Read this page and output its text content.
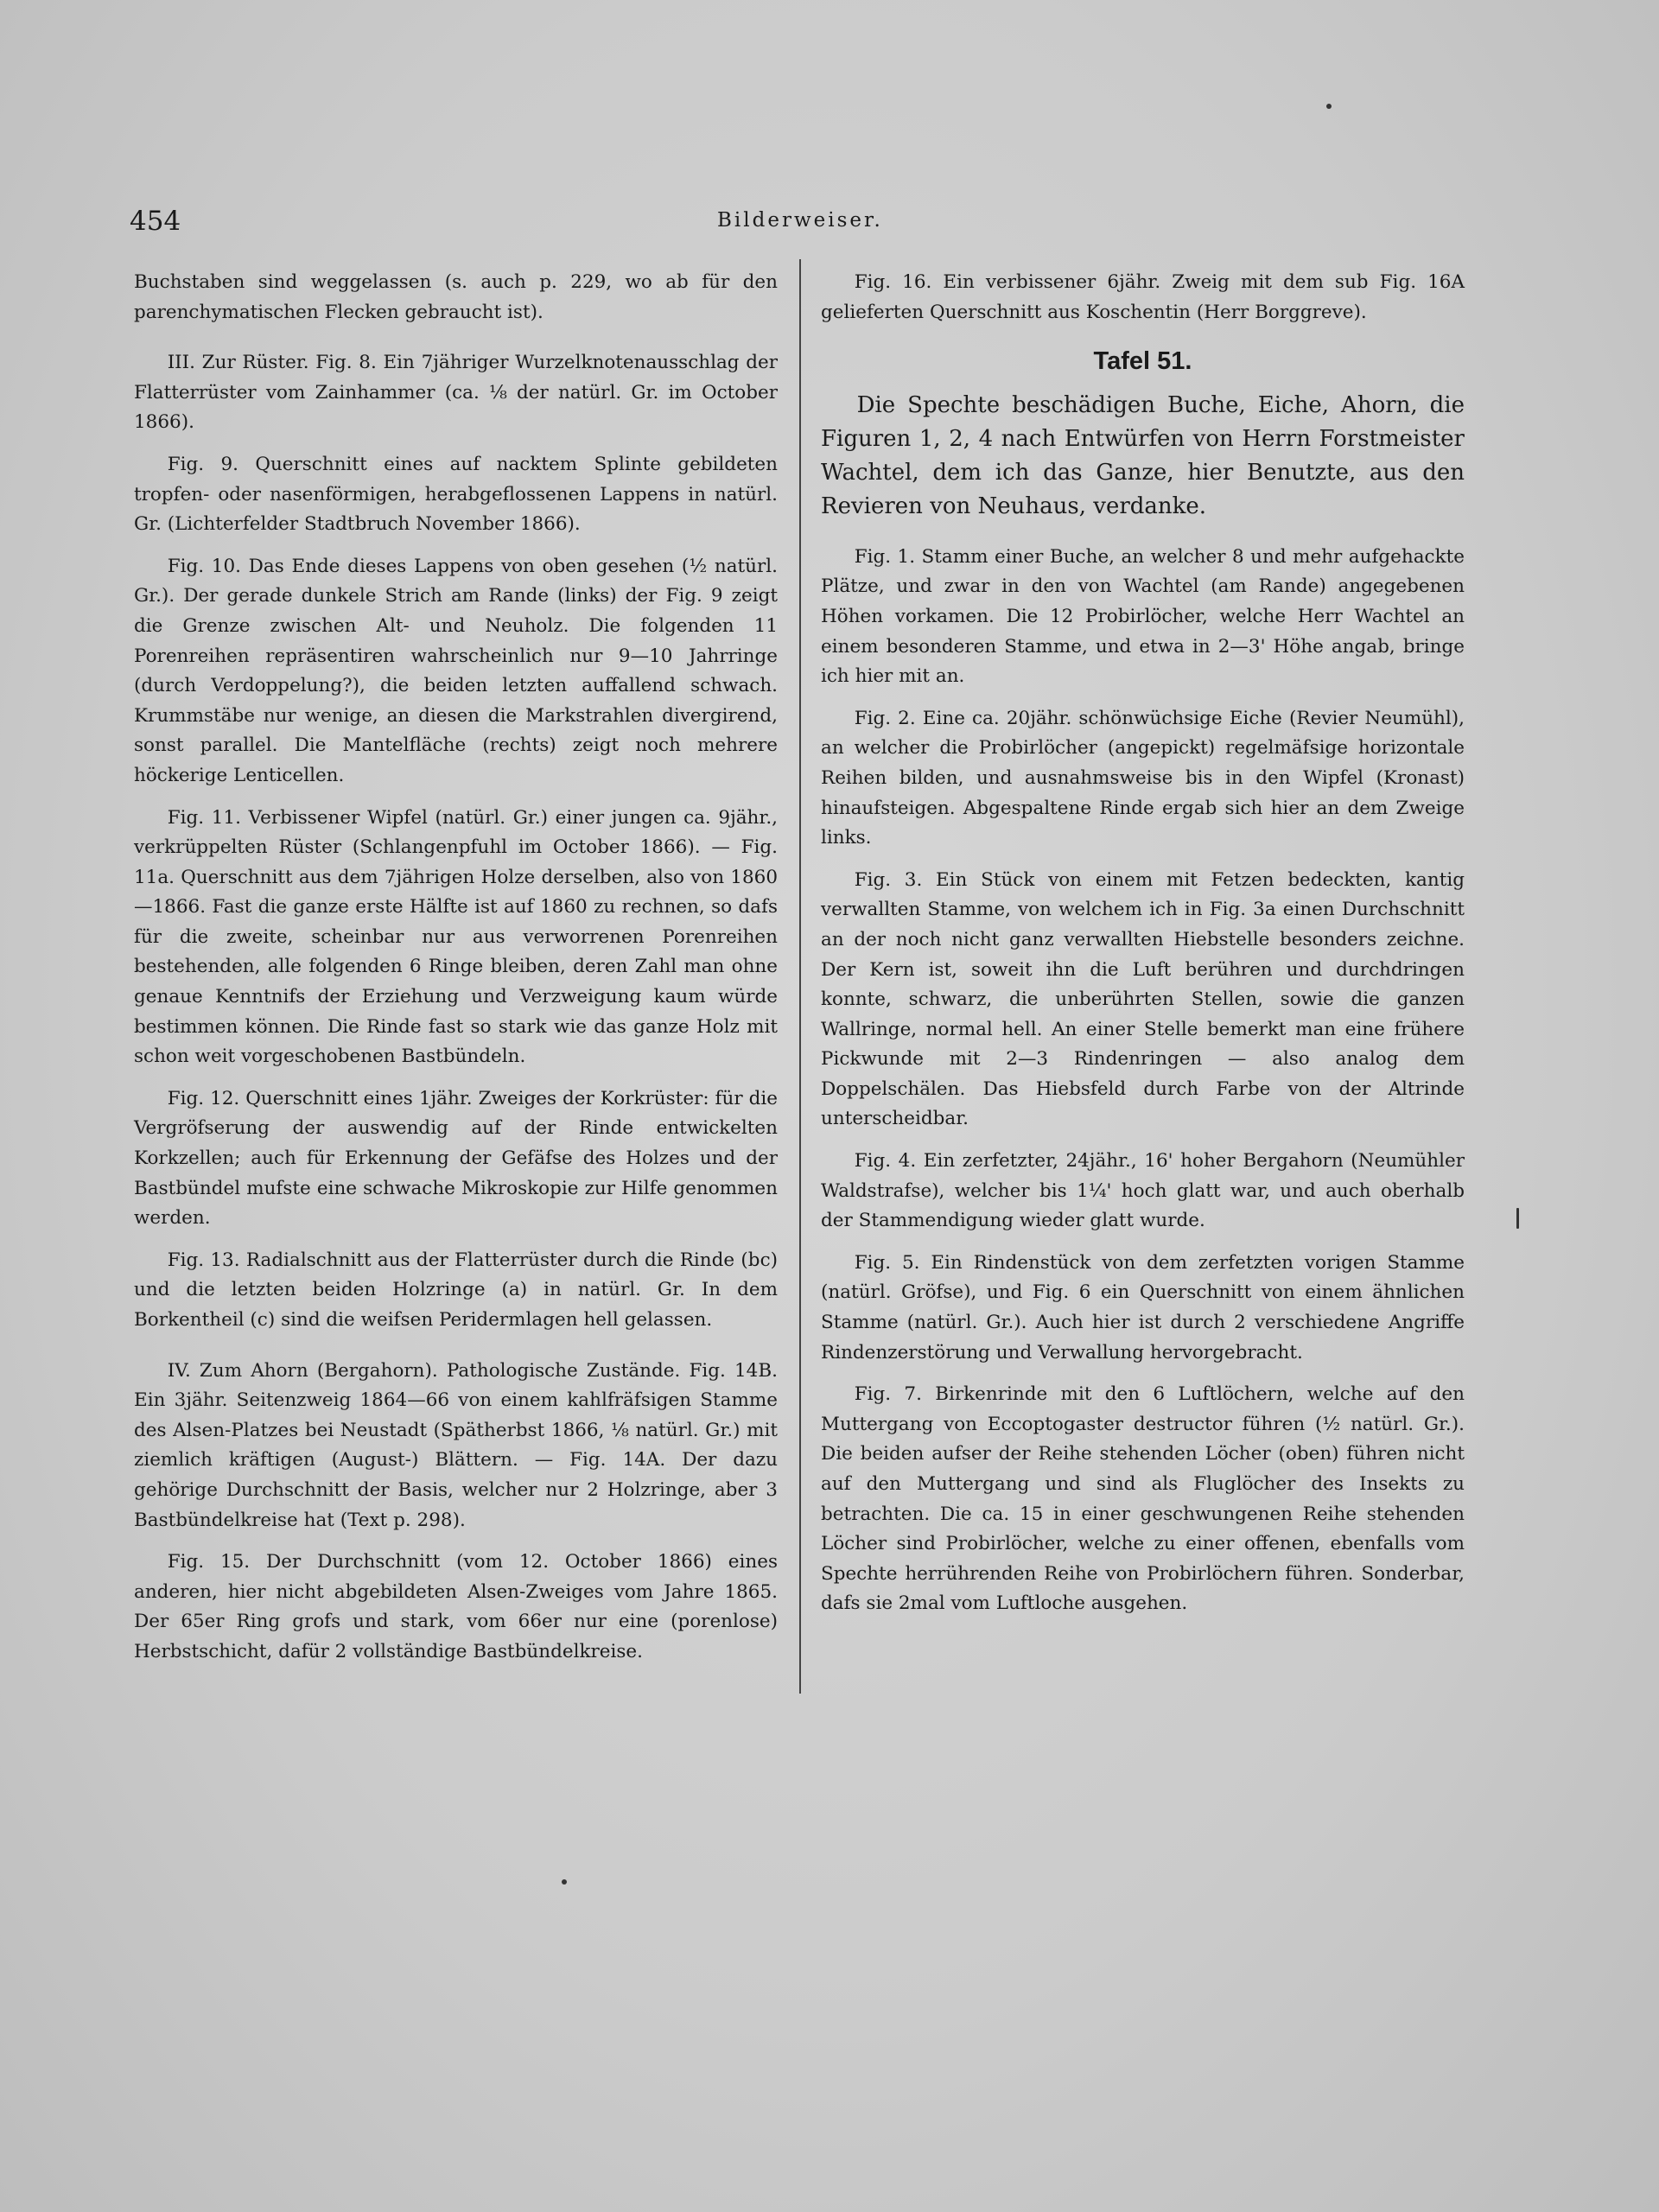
454	Bilderweiser.

Buchstaben sind weggelassen (s. auch p. 229, wo ab für den parenchymatischen Flecken gebraucht ist).

III. Zur Rüster. Fig. 8. Ein 7jähriger Wurzelknotenausschlag der Flatterrüster vom Zainhammer (ca. ⅛ der natürl. Gr. im October 1866).

Fig. 9. Querschnitt eines auf nacktem Splinte gebildeten tropfen- oder nasenförmigen, herabgeflossenen Lappens in natürl. Gr. (Lichterfelder Stadtbruch November 1866).

Fig. 10. Das Ende dieses Lappens von oben gesehen (½ natürl. Gr.). Der gerade dunkele Strich am Rande (links) der Fig. 9 zeigt die Grenze zwischen Alt- und Neuholz. Die folgenden 11 Porenreihen repräsentiren wahrscheinlich nur 9—10 Jahrringe (durch Verdoppelung?), die beiden letzten auffallend schwach. Krummstäbe nur wenige, an diesen die Markstrahlen divergirend, sonst parallel. Die Mantelfläche (rechts) zeigt noch mehrere höckerige Lenticellen.

Fig. 11. Verbissener Wipfel (natürl. Gr.) einer jungen ca. 9jähr., verkrüppelten Rüster (Schlangenpfuhl im October 1866). — Fig. 11a. Querschnitt aus dem 7jährigen Holze derselben, also von 1860—1866. Fast die ganze erste Hälfte ist auf 1860 zu rechnen, so dafs für die zweite, scheinbar nur aus verworrenen Porenreihen bestehenden, alle folgenden 6 Ringe bleiben, deren Zahl man ohne genaue Kenntnifs der Erziehung und Verzweigung kaum würde bestimmen können. Die Rinde fast so stark wie das ganze Holz mit schon weit vorgeschobenen Bastbündeln.

Fig. 12. Querschnitt eines 1jähr. Zweiges der Korkrüster: für die Vergröfserung der auswendig auf der Rinde entwickelten Korkzellen; auch für Erkennung der Gefäfse des Holzes und der Bastbündel mufste eine schwache Mikroskopie zur Hilfe genommen werden.

Fig. 13. Radialschnitt aus der Flatterrüster durch die Rinde (bc) und die letzten beiden Holzringe (a) in natürl. Gr. In dem Borkentheil (c) sind die weifsen Peridermlagen hell gelassen.

IV. Zum Ahorn (Bergahorn). Pathologische Zustände. Fig. 14B. Ein 3jähr. Seitenzweig 1864—66 von einem kahlfräfsigen Stamme des Alsen-Platzes bei Neustadt (Spätherbst 1866, ⅛ natürl. Gr.) mit ziemlich kräftigen (August-) Blättern. — Fig. 14A. Der dazu gehörige Durchschnitt der Basis, welcher nur 2 Holzringe, aber 3 Bastbündelkreise hat (Text p. 298).

Fig. 15. Der Durchschnitt (vom 12. October 1866) eines anderen, hier nicht abgebildeten Alsen-Zweiges vom Jahre 1865. Der 65er Ring grofs und stark, vom 66er nur eine (porenlose) Herbstschicht, dafür 2 vollständige Bastbündelkreise.

Fig. 16. Ein verbissener 6jähr. Zweig mit dem sub Fig. 16A gelieferten Querschnitt aus Koschentin (Herr Borggreve).

Tafel 51.

Die Spechte beschädigen Buche, Eiche, Ahorn, die Figuren 1, 2, 4 nach Entwürfen von Herrn Forstmeister Wachtel, dem ich das Ganze, hier Benutzte, aus den Revieren von Neuhaus, verdanke.

Fig. 1. Stamm einer Buche, an welcher 8 und mehr aufgehackte Plätze, und zwar in den von Wachtel (am Rande) angegebenen Höhen vorkamen. Die 12 Probirlöcher, welche Herr Wachtel an einem besonderen Stamme, und etwa in 2—3' Höhe angab, bringe ich hier mit an.

Fig. 2. Eine ca. 20jähr. schönwüchsige Eiche (Revier Neumühl), an welcher die Probirlöcher (angepickt) regelmäfsige horizontale Reihen bilden, und ausnahmsweise bis in den Wipfel (Kronast) hinaufsteigen. Abgespaltene Rinde ergab sich hier an dem Zweige links.

Fig. 3. Ein Stück von einem mit Fetzen bedeckten, kantig verwallten Stamme, von welchem ich in Fig. 3a einen Durchschnitt an der noch nicht ganz verwallten Hiebstelle besonders zeichne. Der Kern ist, soweit ihn die Luft berühren und durchdringen konnte, schwarz, die unberührten Stellen, sowie die ganzen Wallringe, normal hell. An einer Stelle bemerkt man eine frühere Pickwunde mit 2—3 Rindenringen — also analog dem Doppelschälen. Das Hiebsfeld durch Farbe von der Altrinde unterscheidbar.

Fig. 4. Ein zerfetzter, 24jähr., 16' hoher Bergahorn (Neumühler Waldstrafse), welcher bis 1¼' hoch glatt war, und auch oberhalb der Stammendigung wieder glatt wurde.

Fig. 5. Ein Rindenstück von dem zerfetzten vorigen Stamme (natürl. Gröfse), und Fig. 6 ein Querschnitt von einem ähnlichen Stamme (natürl. Gr.). Auch hier ist durch 2 verschiedene Angriffe Rindenzerstörung und Verwallung hervorgebracht.

Fig. 7. Birkenrinde mit den 6 Luftlöchern, welche auf den Muttergang von Eccoptogaster destructor führen (½ natürl. Gr.). Die beiden aufser der Reihe stehenden Löcher (oben) führen nicht auf den Muttergang und sind als Fluglöcher des Insekts zu betrachten. Die ca. 15 in einer geschwungenen Reihe stehenden Löcher sind Probirlöcher, welche zu einer offenen, ebenfalls vom Spechte herrührenden Reihe von Probirlöchern führen. Sonderbar, dafs sie 2mal vom Luftloche ausgehen.
